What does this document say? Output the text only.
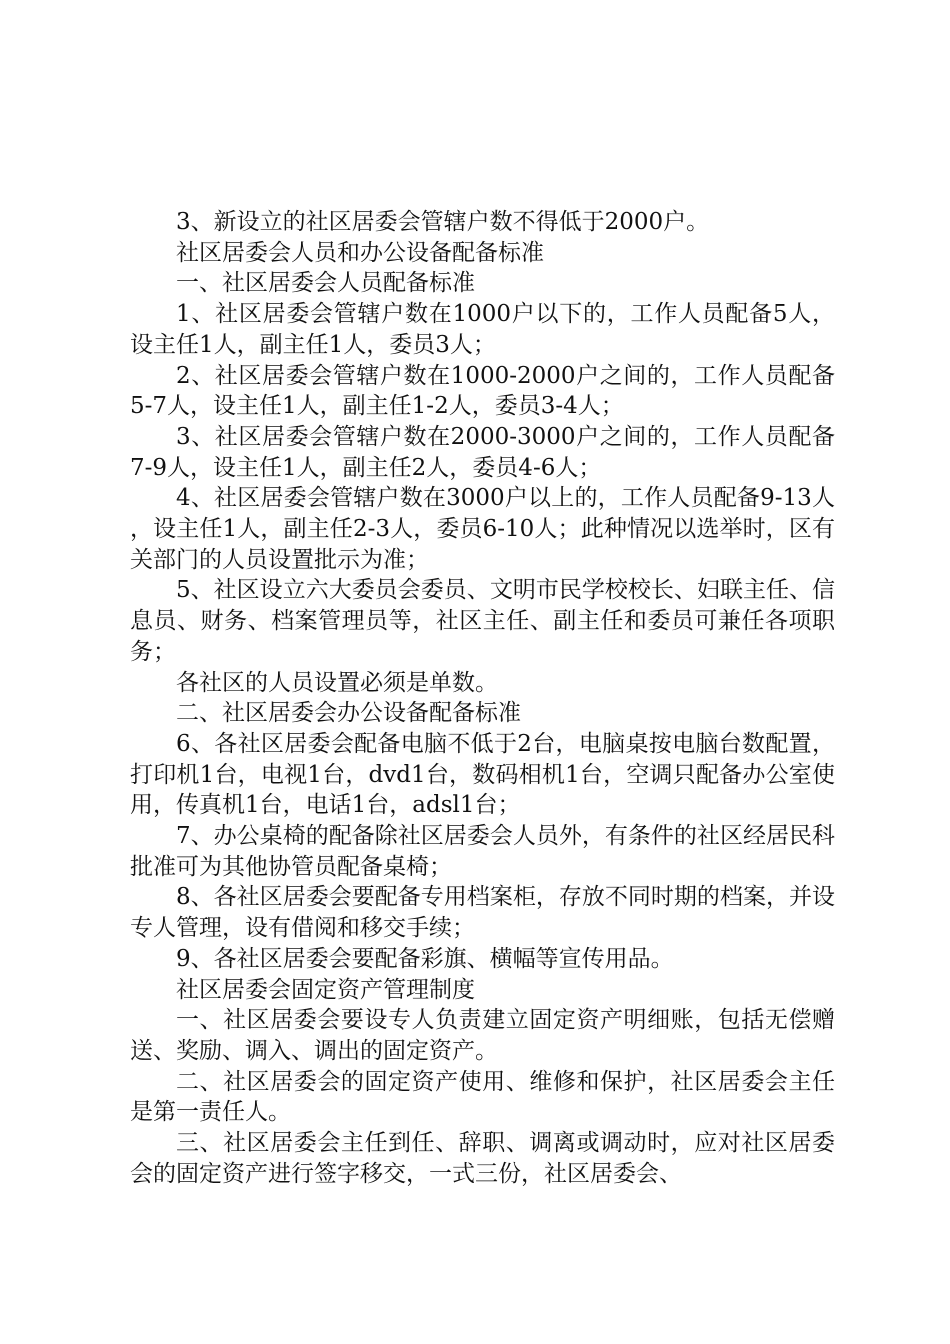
3、新设立的社区居委会管辖户数不得低于2000户。

社区居委会人员和办公设备配备标准

一、社区居委会人员配备标准

1、社区居委会管辖户数在1000户以下的，工作人员配备5人，设主任1人，副主任1人，委员3人；

2、社区居委会管辖户数在1000-2000户之间的，工作人员配备5-7人，设主任1人，副主任1-2人，委员3-4人；

3、社区居委会管辖户数在2000-3000户之间的，工作人员配备7-9人，设主任1人，副主任2人，委员4-6人；

4、社区居委会管辖户数在3000户以上的，工作人员配备9-13人，设主任1人，副主任2-3人，委员6-10人；此种情况以选举时，区有关部门的人员设置批示为准；

5、社区设立六大委员会委员、文明市民学校校长、妇联主任、信息员、财务、档案管理员等，社区主任、副主任和委员可兼任各项职务；

各社区的人员设置必须是单数。

二、社区居委会办公设备配备标准

6、各社区居委会配备电脑不低于2台，电脑桌按电脑台数配置，打印机1台，电视1台，dvd1台，数码相机1台，空调只配备办公室使用，传真机1台，电话1台，adsl1台；

7、办公桌椅的配备除社区居委会人员外，有条件的社区经居民科批准可为其他协管员配备桌椅；

8、各社区居委会要配备专用档案柜，存放不同时期的档案，并设专人管理，设有借阅和移交手续；

9、各社区居委会要配备彩旗、横幅等宣传用品。

社区居委会固定资产管理制度

一、社区居委会要设专人负责建立固定资产明细账，包括无偿赠送、奖励、调入、调出的固定资产。

二、社区居委会的固定资产使用、维修和保护，社区居委会主任是第一责任人。

三、社区居委会主任到任、辞职、调离或调动时，应对社区居委会的固定资产进行签字移交，一式三份，社区居委会、
